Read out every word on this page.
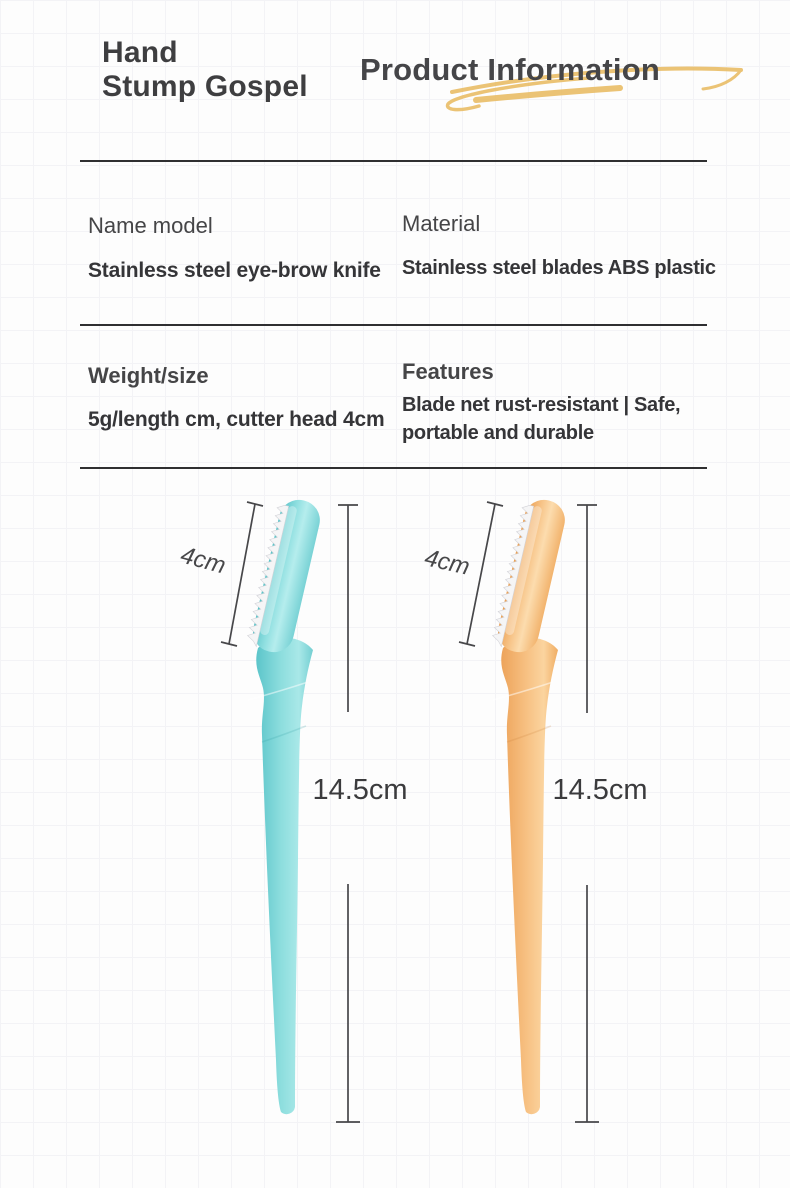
Hand
Stump Gospel Product Information
Name model
Stainless steel eye-brow knife
Material
Stainless steel blades ABS plastic
Weight/size
5g/length cm, cutter head 4cm
Features
Blade net rust-resistant | Safe, portable and durable
4cm	4cm
14.5cm	14.5cm
